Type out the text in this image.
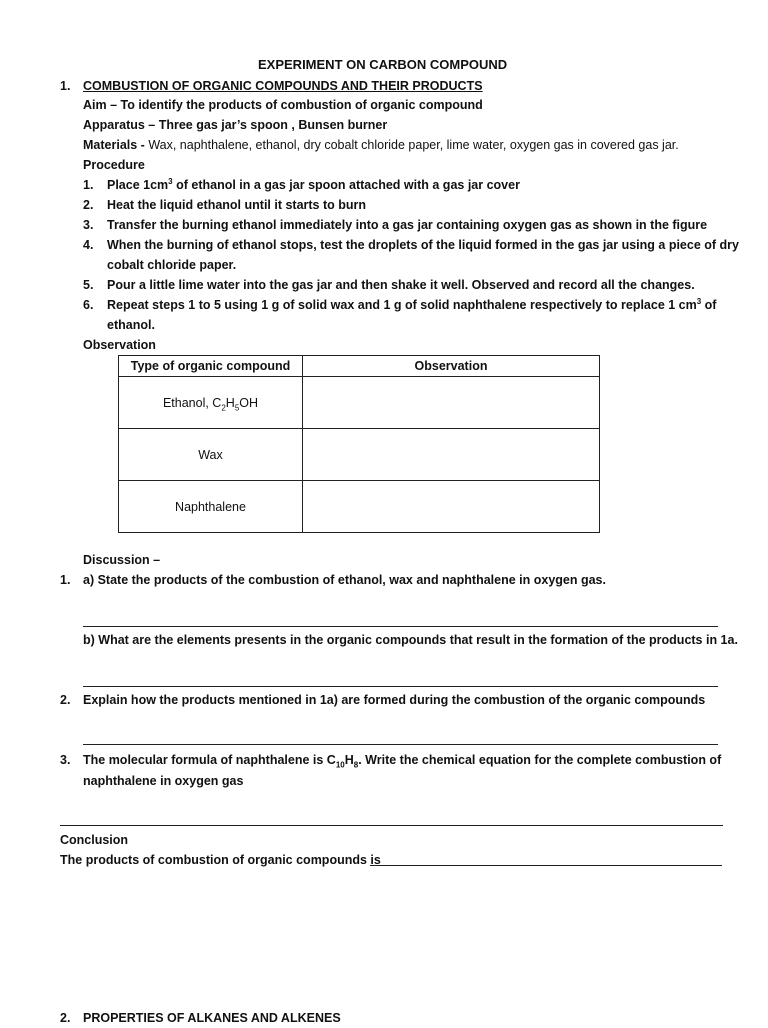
EXPERIMENT ON CARBON COMPOUND
1.	COMBUSTION OF ORGANIC COMPOUNDS AND THEIR PRODUCTS
Aim – To identify the products of combustion of organic compound
Apparatus – Three gas jar’s spoon , Bunsen burner
Materials - Wax, naphthalene, ethanol, dry cobalt chloride paper, lime water, oxygen gas in covered gas jar.
Procedure
1.	Place $1cm^3$ of ethanol in a gas jar spoon attached with a gas jar cover
2.	Heat the liquid ethanol until it starts to burn
3.	Transfer the burning ethanol immediately into a gas jar containing oxygen gas as shown in the figure
4.	When the burning of ethanol stops, test the droplets of the liquid formed in the gas jar using a piece of dry
cobalt chloride paper.
5.	Pour a little lime water into the gas jar and then shake it well. Observed and record all the changes.
6.	Repeat steps 1 to 5 using 1 g of solid wax and 1 g of solid naphthalene respectively to replace 1 $cm^3$ of
ethanol.
Observation
Type of organic compound	Observation
Ethanol, $C_2H_5OH$	
Wax	
Naphthalene	
Discussion –
1.	a) State the products of the combustion of ethanol, wax and naphthalene in oxygen gas.
b) What are the elements presents in the organic compounds that result in the formation of the products in 1a.
2.	Explain how the products mentioned in 1a) are formed during the combustion of the organic compounds
3.	The molecular formula of naphthalene is $C_{10}H_8$. Write the chemical equation for the complete combustion of
naphthalene in oxygen gas
Conclusion
The products of combustion of organic compounds is
2.	PROPERTIES OF ALKANES AND ALKENES
